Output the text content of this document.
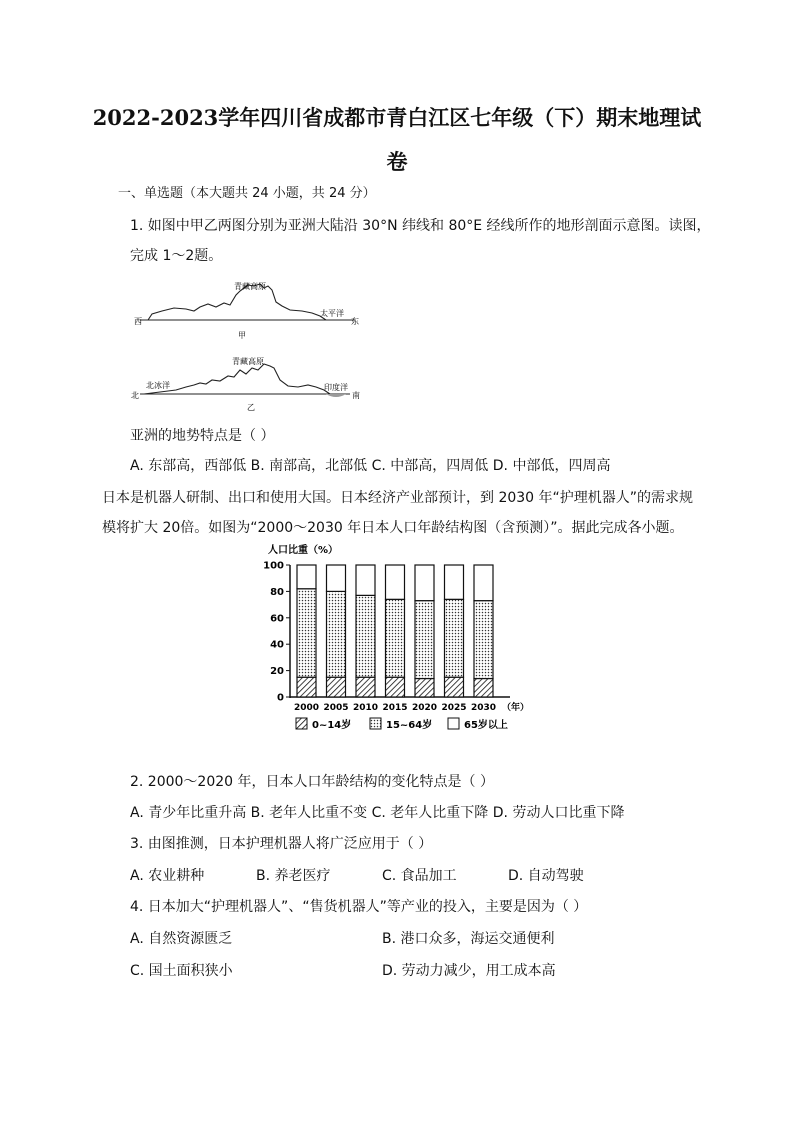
2022-2023学年四川省成都市青白江区七年级（下）期末地理试
卷
一、单选题（本大题共 24 小题，共 24 分）
1. 如图中甲乙两图分别为亚洲大陆沿 30°N 纬线和 80°E 经线所作的地形剖面示意图。读图，
完成 1～2题。
青藏高原
西	东
太平洋
甲
青藏高原
北	南
北冰洋	印度洋
乙
亚洲的地势特点是（ ）
A. 东部高，西部低 B. 南部高，北部低 C. 中部高，四周低 D. 中部低，四周高
日本是机器人研制、出口和使用大国。日本经济产业部预计，到 2030 年“护理机器人”的需求规
模将扩大 20倍。如图为“2000～2030 年日本人口年龄结构图（含预测）”。据此完成各小题。
人口比重（%）
0
20
40
60
80
100
2000 2005 2010 2015 2020 2025 2030 （年）
0~14岁	15~64岁	65岁以上
2. 2000～2020 年，日本人口年龄结构的变化特点是（ ）
A. 青少年比重升高 B. 老年人比重不变 C. 老年人比重下降 D. 劳动人口比重下降
3. 由图推测，日本护理机器人将广泛应用于（ ）
A. 农业耕种	B. 养老医疗	C. 食品加工	D. 自动驾驶
4. 日本加大“护理机器人”、“售货机器人”等产业的投入，主要是因为（ ）
A. 自然资源匮乏	B. 港口众多，海运交通便利
C. 国土面积狭小	D. 劳动力减少，用工成本高
